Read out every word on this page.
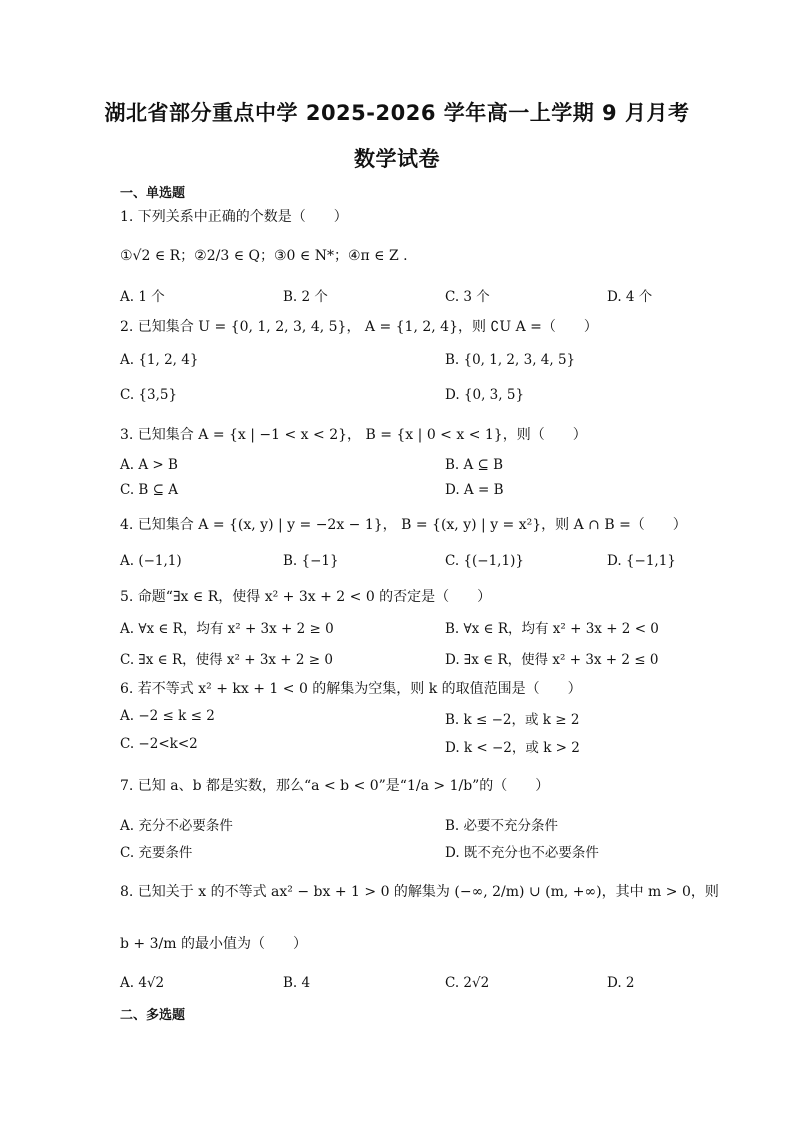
湖北省部分重点中学 2025-2026 学年高一上学期 9 月月考
数学试卷
一、单选题
1. 下列关系中正确的个数是（　　）
①√2 ∈ R；②2/3 ∈ Q；③0 ∈ N*；④π ∈ Z .
A. 1 个	B. 2 个	C. 3 个	D. 4 个
2. 已知集合 U = {0, 1, 2, 3, 4, 5}， A = {1, 2, 4}，则 ∁U A =（　　）
A. {1, 2, 4}	B. {0, 1, 2, 3, 4, 5}
C. {3,5}	D. {0, 3, 5}
3. 已知集合 A = {x | −1 < x < 2}， B = {x | 0 < x < 1}，则（　　）
A. A > B	B. A ⊆ B
C. B ⊆ A	D. A = B
4. 已知集合 A = {(x, y) | y = −2x − 1}， B = {(x, y) | y = x²}，则 A ∩ B =（　　）
A. (−1,1)	B. {−1}	C. {(−1,1)}	D. {−1,1}
5. 命题“∃x ∈ R，使得 x² + 3x + 2 < 0 的否定是（　　）
A. ∀x ∈ R，均有 x² + 3x + 2 ≥ 0	B. ∀x ∈ R，均有 x² + 3x + 2 < 0
C. ∃x ∈ R，使得 x² + 3x + 2 ≥ 0	D. ∃x ∈ R，使得 x² + 3x + 2 ≤ 0
6. 若不等式 x² + kx + 1 < 0 的解集为空集，则 k 的取值范围是（　　）
A. −2 ≤ k ≤ 2	B. k ≤ −2，或 k ≥ 2
C. −2<k<2	D. k < −2，或 k > 2
7. 已知 a、b 都是实数，那么“a < b < 0”是“1/a > 1/b”的（　　）
A. 充分不必要条件	B. 必要不充分条件
C. 充要条件	D. 既不充分也不必要条件
8. 已知关于 x 的不等式 ax² − bx + 1 > 0 的解集为 (−∞, 2/m) ∪ (m, +∞)，其中 m > 0，则
b + 3/m 的最小值为（　　）
A. 4√2	B. 4	C. 2√2	D. 2
二、多选题
